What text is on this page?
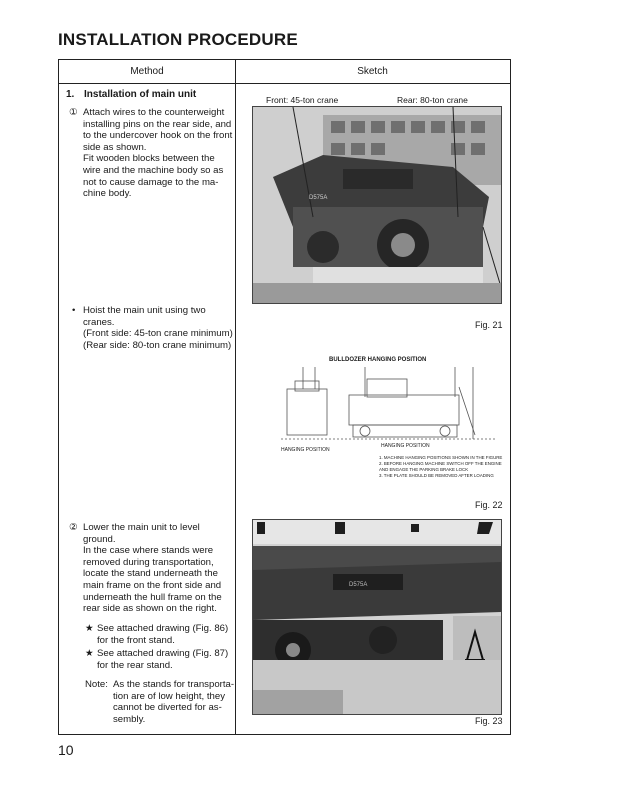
INSTALLATION PROCEDURE
Method	Sketch
1. Installation of main unit
① Attach wires to the counterweight
installing pins on the rear side, and
to the undercover hook on the front
side as shown.
Fit wooden blocks between the
wire and the machine body so as
not to cause damage to the ma-
chine body.
• Hoist the main unit using two
cranes.
(Front side: 45-ton crane minimum)
(Rear side: 80-ton crane minimum)
② Lower the main unit to level
ground.
In the case where stands were
removed during transportation,
locate the stand underneath the
main frame on the front side and
underneath the hull frame on the
rear side as shown on the right.
★ See attached drawing (Fig. 86)
for the front stand.
★ See attached drawing (Fig. 87)
for the rear stand.
Note: As the stands for transporta-
tion are of low height, they
cannot be diverted for as-
sembly.
Front: 45-ton crane	Rear: 80-ton crane
D575A
Fig. 21
BULLDOZER HANGING POSITION
HANGING POSITION
HANGING POSITION
1. MACHINE HANGING POSITIONS SHOWN IN THE FIGURE
2. BEFORE HANGING MACHINE SWITCH OFF THE ENGINE
AND ENGAGE THE PARKING BRAKE LOCK
3. THE PLATE SHOULD BE REMOVED AFTER LOADING
Fig. 22
D575A
Fig. 23
10
